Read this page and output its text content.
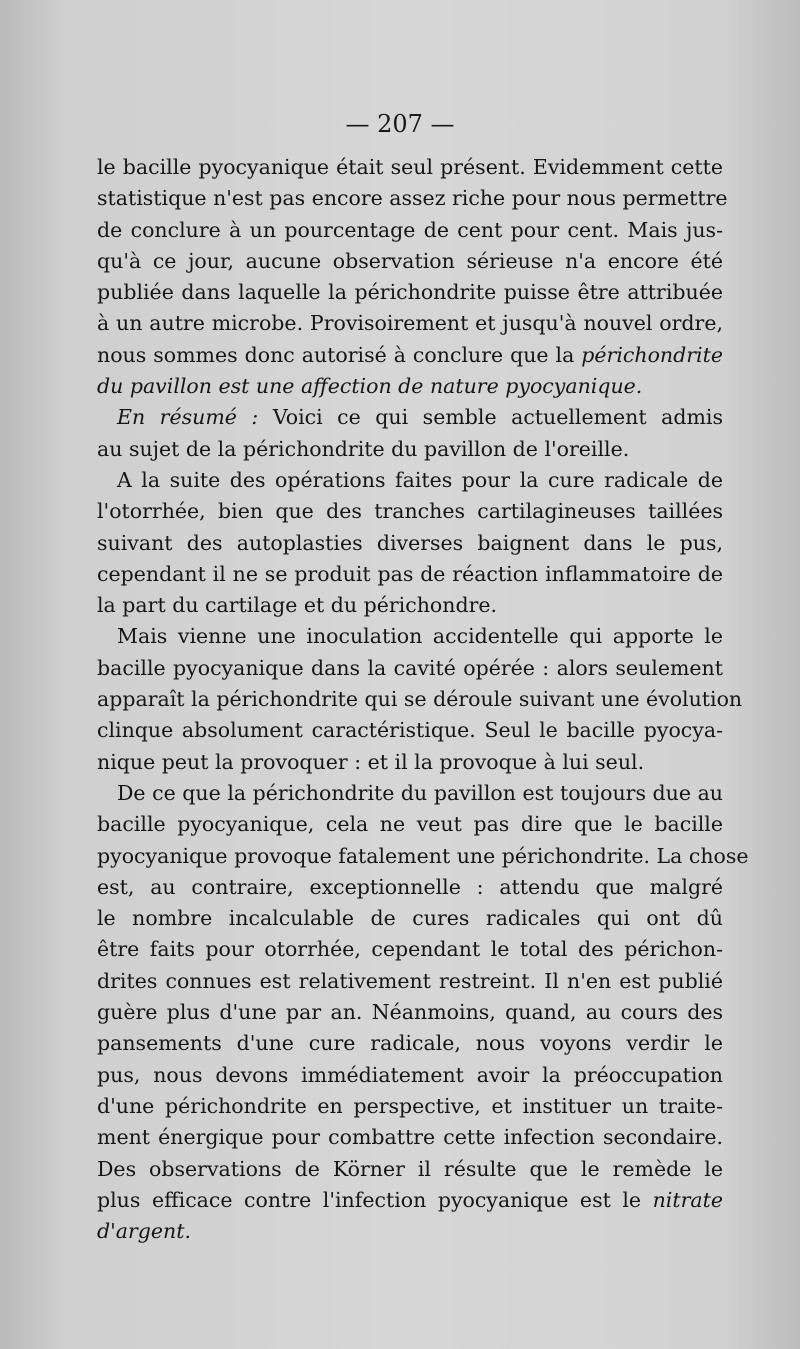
— 207 —
le bacille pyocyanique était seul présent. Evidemment cette
statistique n'est pas encore assez riche pour nous permettre
de conclure à un pourcentage de cent pour cent. Mais jus-
qu'à ce jour, aucune observation sérieuse n'a encore été
publiée dans laquelle la périchondrite puisse être attribuée
à un autre microbe. Provisoirement et jusqu'à nouvel ordre,
nous sommes donc autorisé à conclure que la périchondrite
du pavillon est une affection de nature pyocyanique.
En résumé : Voici ce qui semble actuellement admis
au sujet de la périchondrite du pavillon de l'oreille.
A la suite des opérations faites pour la cure radicale de
l'otorrhée, bien que des tranches cartilagineuses taillées
suivant des autoplasties diverses baignent dans le pus,
cependant il ne se produit pas de réaction inflammatoire de
la part du cartilage et du périchondre.
Mais vienne une inoculation accidentelle qui apporte le
bacille pyocyanique dans la cavité opérée : alors seulement
apparaît la périchondrite qui se déroule suivant une évolution
clinque absolument caractéristique. Seul le bacille pyocya-
nique peut la provoquer : et il la provoque à lui seul.
De ce que la périchondrite du pavillon est toujours due au
bacille pyocyanique, cela ne veut pas dire que le bacille
pyocyanique provoque fatalement une périchondrite. La chose
est, au contraire, exceptionnelle : attendu que malgré
le nombre incalculable de cures radicales qui ont dû
être faits pour otorrhée, cependant le total des périchon-
drites connues est relativement restreint. Il n'en est publié
guère plus d'une par an. Néanmoins, quand, au cours des
pansements d'une cure radicale, nous voyons verdir le
pus, nous devons immédiatement avoir la préoccupation
d'une périchondrite en perspective, et instituer un traite-
ment énergique pour combattre cette infection secondaire.
Des observations de Körner il résulte que le remède le
plus efficace contre l'infection pyocyanique est le nitrate
d'argent.
